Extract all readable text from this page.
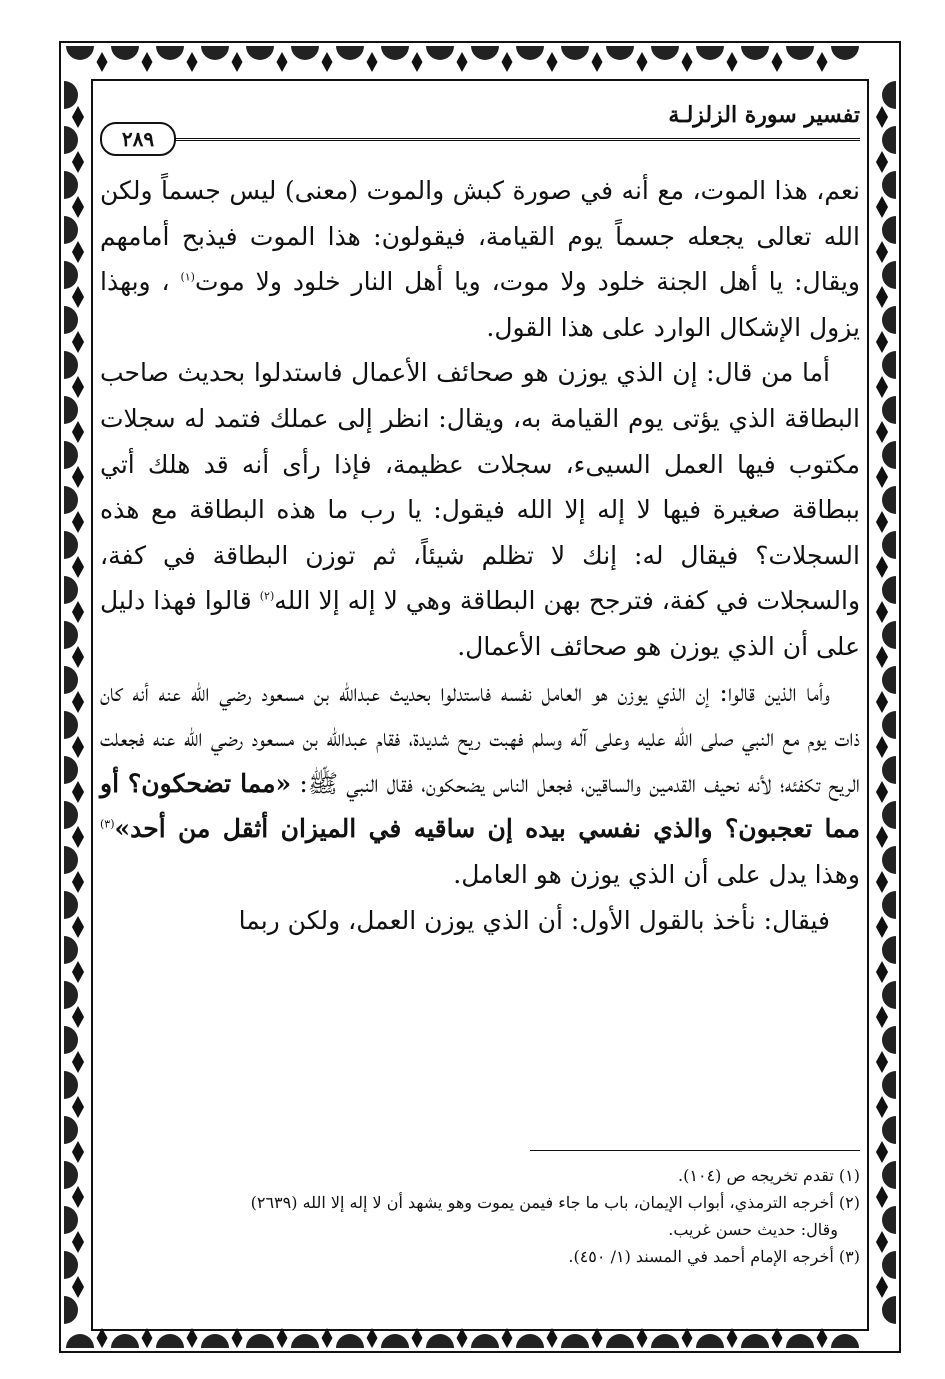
تفسير سورة الزلزلـة
٢٨٩

نعم، هذا الموت، مع أنه في صورة كبش والموت (معنى) ليس جسماً ولكن الله تعالى يجعله جسماً يوم القيامة، فيقولون: هذا الموت فيذبح أمامهم ويقال: يا أهل الجنة خلود ولا موت، ويا أهل النار خلود ولا موت$^{(١)}$ ، وبهذا يزول الإشكال الوارد على هذا القول.

أما من قال: إن الذي يوزن هو صحائف الأعمال فاستدلوا بحديث صاحب البطاقة الذي يؤتى يوم القيامة به، ويقال: انظر إلى عملك فتمد له سجلات مكتوب فيها العمل السيىء، سجلات عظيمة، فإذا رأى أنه قد هلك أتي ببطاقة صغيرة فيها لا إله إلا الله فيقول: يا رب ما هذه البطاقة مع هذه السجلات؟ فيقال له: إنك لا تظلم شيئاً، ثم توزن البطاقة في كفة، والسجلات في كفة، فترجح بهن البطاقة وهي لا إله إلا الله$^{(٢)}$ قالوا فهذا دليل على أن الذي يوزن هو صحائف الأعمال.

وأما الذين قالوا: إن الذي يوزن هو العامل نفسه فاستدلوا بحديث عبدالله بن مسعود رضي الله عنه أنه كان ذات يوم مع النبي صلى الله عليه وعلى آله وسلم فهبت ريح شديدة، فقام عبدالله بن مسعود رضي الله عنه فجعلت الريح تكفئه؛ لأنه نحيف القدمين والساقين، فجعل الناس يضحكون، فقال النبي ﷺ: «مما تضحكون؟ أو مما تعجبون؟ والذي نفسي بيده إن ساقيه في الميزان أثقل من أحد»$^{(٣)}$ وهذا يدل على أن الذي يوزن هو العامل.

فيقال: نأخذ بالقول الأول: أن الذي يوزن العمل، ولكن ربما

(١) تقدم تخريجه ص (١٠٤).

(٢) أخرجه الترمذي، أبواب الإيمان، باب ما جاء فيمن يموت وهو يشهد أن لا إله إلا الله (٢٦٣٩)

وقال: حديث حسن غريب.

(٣) أخرجه الإمام أحمد في المسند (١/ ٤٥٠).
